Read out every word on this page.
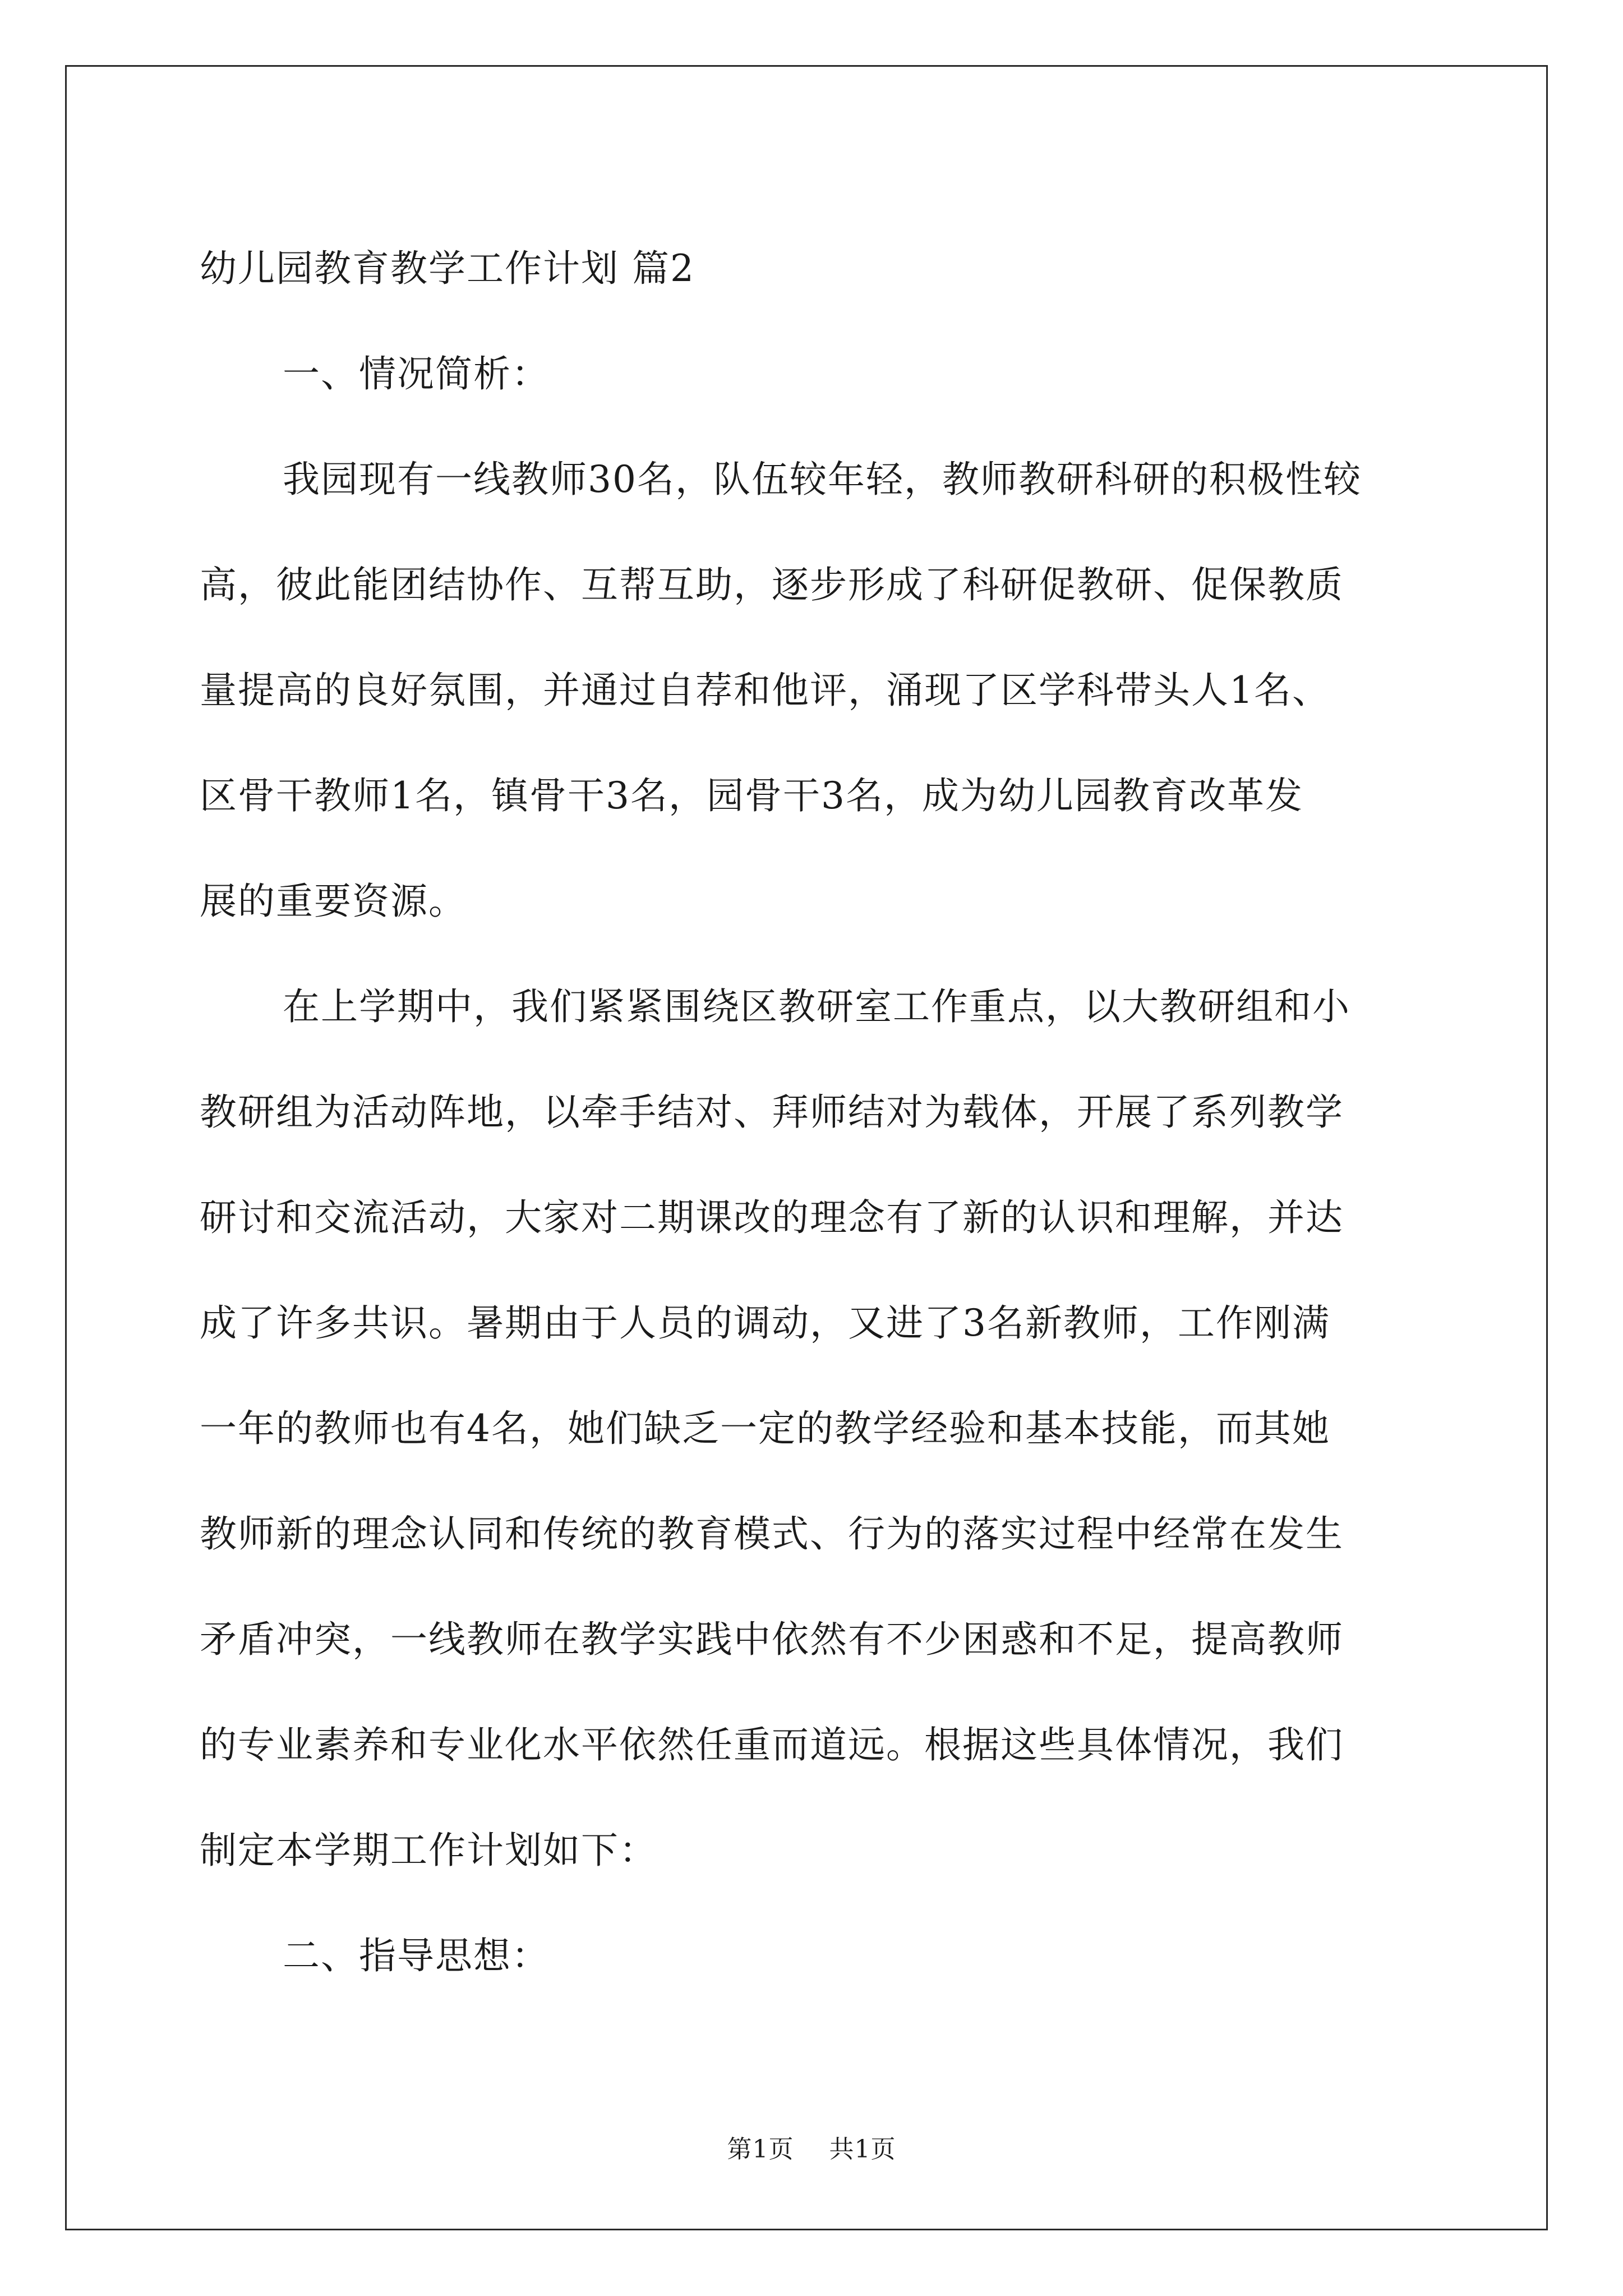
幼儿园教育教学工作计划 篇2
一、情况简析：
我园现有一线教师30名，队伍较年轻，教师教研科研的积极性较
高，彼此能团结协作、互帮互助，逐步形成了科研促教研、促保教质
量提高的良好氛围，并通过自荐和他评，涌现了区学科带头人1名、
区骨干教师1名，镇骨干3名，园骨干3名，成为幼儿园教育改革发
展的重要资源。
在上学期中，我们紧紧围绕区教研室工作重点，以大教研组和小
教研组为活动阵地，以牵手结对、拜师结对为载体，开展了系列教学
研讨和交流活动，大家对二期课改的理念有了新的认识和理解，并达
成了许多共识。暑期由于人员的调动，又进了3名新教师，工作刚满
一年的教师也有4名，她们缺乏一定的教学经验和基本技能，而其她
教师新的理念认同和传统的教育模式、行为的落实过程中经常在发生
矛盾冲突，一线教师在教学实践中依然有不少困惑和不足，提高教师
的专业素养和专业化水平依然任重而道远。根据这些具体情况，我们
制定本学期工作计划如下：
二、指导思想：
第1页 共1页
